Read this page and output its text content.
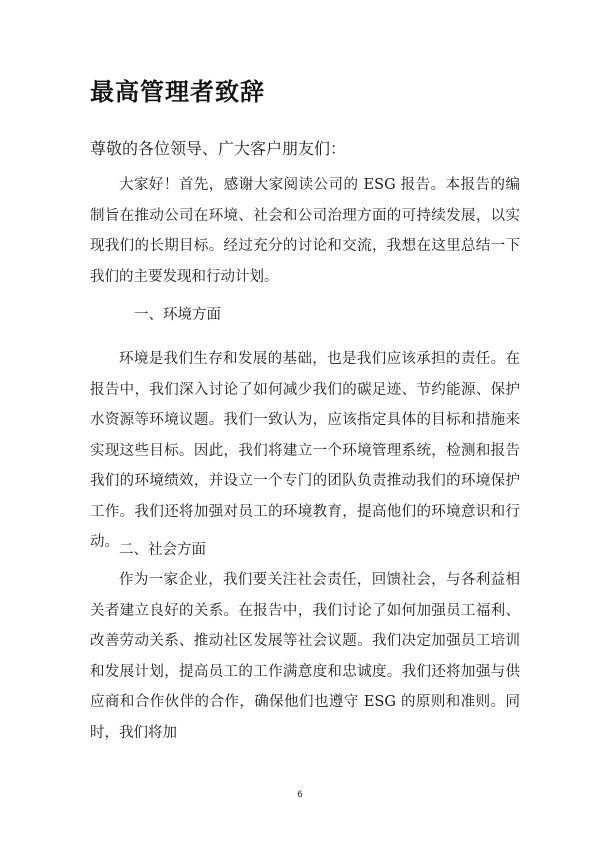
最高管理者致辞
尊敬的各位领导、广大客户朋友们：

大家好！首先，感谢大家阅读公司的 ESG 报告。本报告的编制旨在推动公司在环境、社会和公司治理方面的可持续发展，以实现我们的长期目标。经过充分的讨论和交流，我想在这里总结一下我们的主要发现和行动计划。

一、环境方面

环境是我们生存和发展的基础，也是我们应该承担的责任。在报告中，我们深入讨论了如何减少我们的碳足迹、节约能源、保护水资源等环境议题。我们一致认为，应该指定具体的目标和措施来实现这些目标。因此，我们将建立一个环境管理系统，检测和报告我们的环境绩效，并设立一个专门的团队负责推动我们的环境保护工作。我们还将加强对员工的环境教育，提高他们的环境意识和行动。 二、社会方面

作为一家企业，我们要关注社会责任，回馈社会，与各利益相关者建立良好的关系。在报告中，我们讨论了如何加强员工福利、改善劳动关系、推动社区发展等社会议题。我们决定加强员工培训和发展计划，提高员工的工作满意度和忠诚度。我们还将加强与供应商和合作伙伴的合作，确保他们也遵守 ESG 的原则和准则。同时，我们将加

6
